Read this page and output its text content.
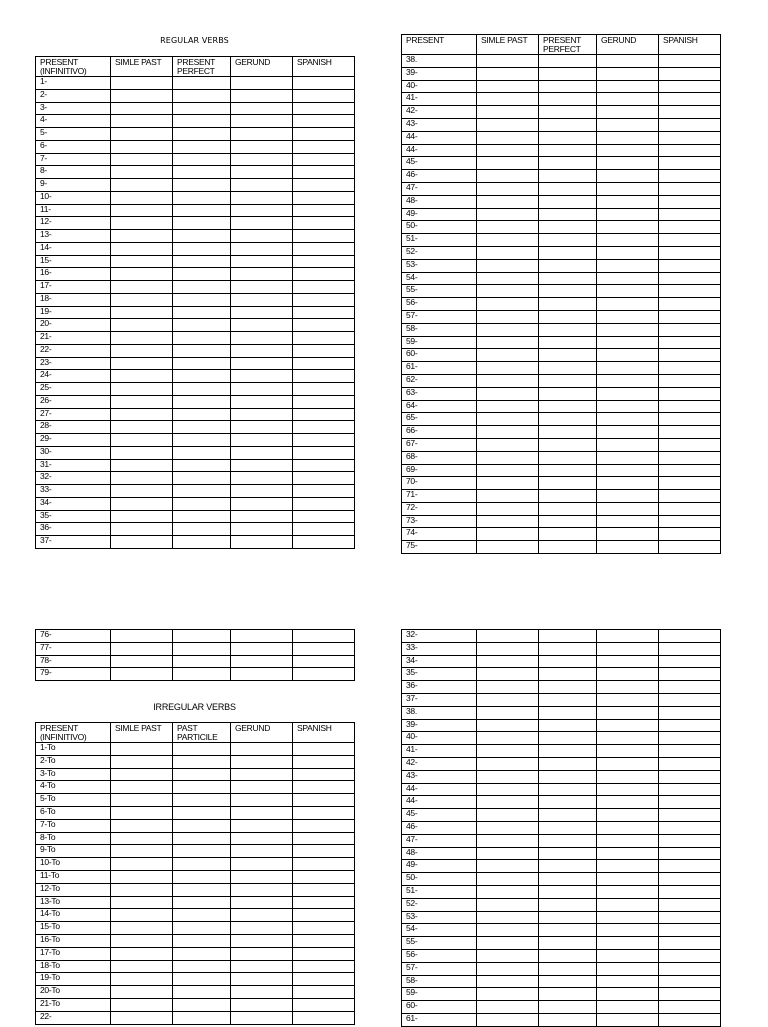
REGULAR VERBS
PRESENT (INFINITIVO)	SIMLE PAST	PRESENT PERFECT	GERUND	SPANISH
1-				
2-				
3-				
4-				
5-				
6-				
7-				
8-				
9-				
10-				
11-				
12-				
13-				
14-				
15-				
16-				
17-				
18-				
19-				
20-				
21-				
22-				
23-				
24-				
25-				
26-				
27-				
28-				
29-				
30-				
31-				
32-				
33-				
34-				
35-				
36-				
37-				
PRESENT	SIMLE PAST	PRESENT PERFECT	GERUND	SPANISH
38.				
39-				
40-				
41-				
42-				
43-				
44-				
44-				
45-				
46-				
47-				
48-				
49-				
50-				
51-				
52-				
53-				
54-				
55-				
56-				
57-				
58-				
59-				
60-				
61-				
62-				
63-				
64-				
65-				
66-				
67-				
68-				
69-				
70-				
71-				
72-				
73-				
74-				
75-				
76-				
77-				
78-				
79-				
IRREGULAR VERBS
PRESENT (INFINITIVO)	SIMLE PAST	PAST PARTICILE	GERUND	SPANISH
1-To				
2-To				
3-To				
4-To				
5-To				
6-To				
7-To				
8-To				
9-To				
10-To				
11-To				
12-To				
13-To				
14-To				
15-To				
16-To				
17-To				
18-To				
19-To				
20-To				
21-To				
22-				
32-				
33-				
34-				
35-				
36-				
37-				
38.				
39-				
40-				
41-				
42-				
43-				
44-				
44-				
45-				
46-				
47-				
48-				
49-				
50-				
51-				
52-				
53-				
54-				
55-				
56-				
57-				
58-				
59-				
60-				
61-				
